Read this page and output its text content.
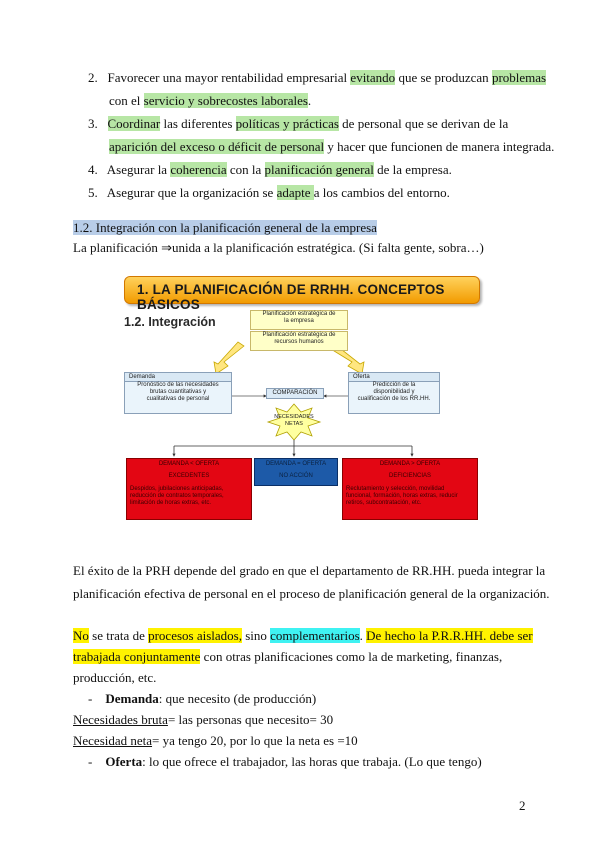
2. Favorecer una mayor rentabilidad empresarial evitando que se produzcan problemas
con el servicio y sobrecostes laborales.
3. Coordinar las diferentes políticas y prácticas de personal que se derivan de la
aparición del exceso o déficit de personal y hacer que funcionen de manera integrada.
4. Asegurar la coherencia con la planificación general de la empresa.
5. Asegurar que la organización se adapte a los cambios del entorno.
1.2. Integración con la planificación general de la empresa
La planificación ⇒unida a la planificación estratégica. (Si falta gente, sobra…)
1. LA PLANIFICACIÓN DE RRHH. CONCEPTOS BÁSICOS
1.2. Integración
Planificación estratégica de
la empresa
Planificación estratégica de
recursos humanos
Demanda
Pronóstico de las necesidades
brutas cuantitativas y
cualitativas de personal
Oferta
Predicción de la
disponibilidad y
cualificación de los RR.HH.
COMPARACIÓN
NECESIDADES
NETAS
DEMANDA < OFERTA
EXCEDENTES
Despidos, jubilaciones anticipadas,
reducción de contratos temporales,
limitación de horas extras, etc.
DEMANDA = OFERTA
NO ACCIÓN
DEMANDA > OFERTA
DEFICIENCIAS
Reclutamiento y selección, movilidad
funcional, formación, horas extras, reducir
retiros, subcontratación, etc.
El éxito de la PRH depende del grado en que el departamento de RR.HH. pueda integrar la
planificación efectiva de personal en el proceso de planificación general de la organización.
No se trata de procesos aislados, sino complementarios. De hecho la P.R.R.HH. debe ser
trabajada conjuntamente con otras planificaciones como la de marketing, finanzas,
producción, etc.
- Demanda: que necesito (de producción)
Necesidades bruta= las personas que necesito= 30
Necesidad neta= ya tengo 20, por lo que la neta es =10
- Oferta: lo que ofrece el trabajador, las horas que trabaja. (Lo que tengo)
2
